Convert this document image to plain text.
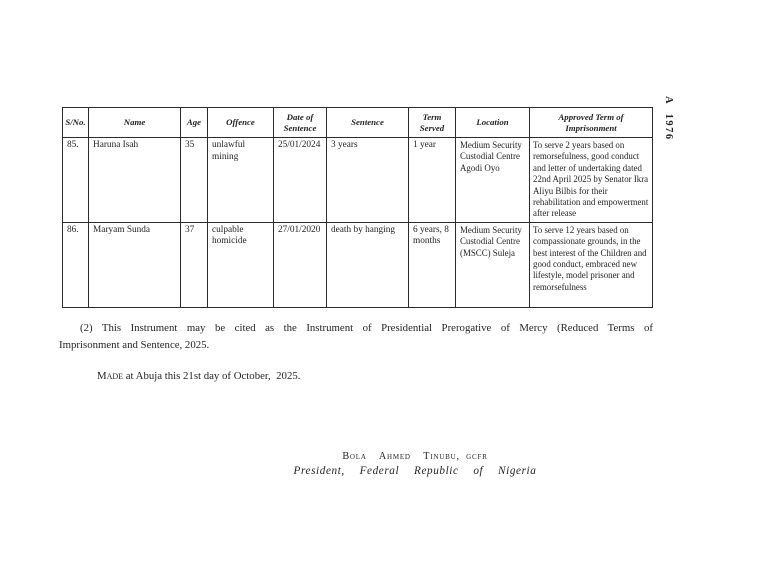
A 1976
S/No.	Name	Age	Offence	Date of Sentence	Sentence	Term Served	Location	Approved Term of Imprisonment
85.	Haruna Isah	35	unlawful mining	25/01/2024	3 years	1 year	Medium Security Custodial Centre Agodi Oyo	To serve 2 years based on remorsefulness, good conduct and letter of undertaking dated 22nd April 2025 by Senator Ikra Aliyu Bilbis for their rehabilitation and empowerment after release
86.	Maryam Sunda	37	culpable homicide	27/01/2020	death by hanging	6 years, 8 months	Medium Security Custodial Centre (MSCC) Suleja	To serve 12 years based on compassionate grounds, in the best interest of the Children and good conduct, embraced new lifestyle, model prisoner and remorsefulness
(2) This Instrument may be cited as the Instrument of Presidential Prerogative of Mercy (Reduced Terms of
Imprisonment and Sentence, 2025.
Made at Abuja this 21st day of October,  2025.
Bola  Ahmed  Tinubu, gcfr
President,  Federal  Republic  of  Nigeria
